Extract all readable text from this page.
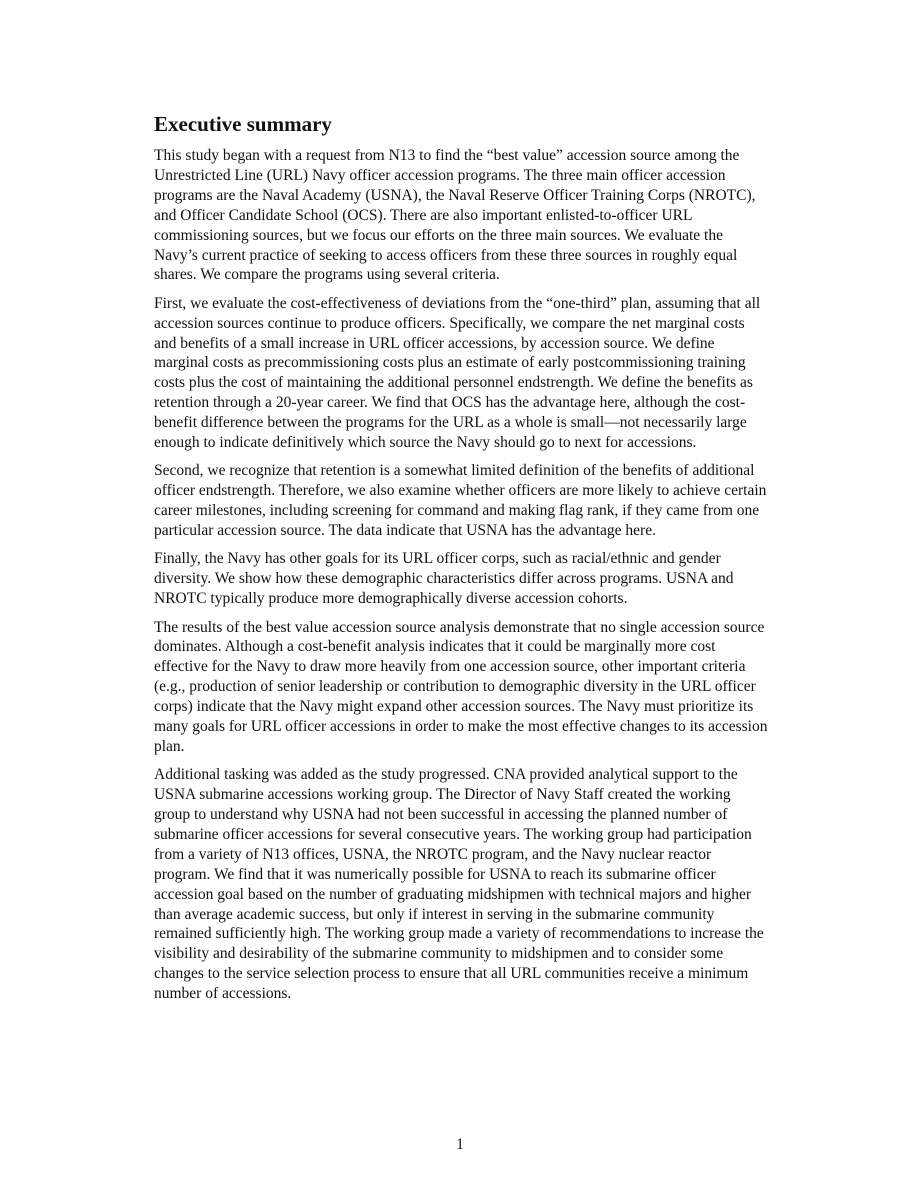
Executive summary

This study began with a request from N13 to find the “best value” accession source among the Unrestricted Line (URL) Navy officer accession programs. The three main officer accession programs are the Naval Academy (USNA), the Naval Reserve Officer Training Corps (NROTC), and Officer Candidate School (OCS). There are also important enlisted-to-officer URL commissioning sources, but we focus our efforts on the three main sources. We evaluate the Navy’s current practice of seeking to access officers from these three sources in roughly equal shares. We compare the programs using several criteria.

First, we evaluate the cost-effectiveness of deviations from the “one-third” plan, assuming that all accession sources continue to produce officers. Specifically, we compare the net marginal costs and benefits of a small increase in URL officer accessions, by accession source. We define marginal costs as precommissioning costs plus an estimate of early postcommissioning training costs plus the cost of maintaining the additional personnel endstrength. We define the benefits as retention through a 20-year career. We find that OCS has the advantage here, although the cost-benefit difference between the programs for the URL as a whole is small—not necessarily large enough to indicate definitively which source the Navy should go to next for accessions.

Second, we recognize that retention is a somewhat limited definition of the benefits of additional officer endstrength. Therefore, we also examine whether officers are more likely to achieve certain career milestones, including screening for command and making flag rank, if they came from one particular accession source. The data indicate that USNA has the advantage here.

Finally, the Navy has other goals for its URL officer corps, such as racial/ethnic and gender diversity. We show how these demographic characteristics differ across programs. USNA and NROTC typically produce more demographically diverse accession cohorts.

The results of the best value accession source analysis demonstrate that no single accession source dominates. Although a cost-benefit analysis indicates that it could be marginally more cost effective for the Navy to draw more heavily from one accession source, other important criteria (e.g., production of senior leadership or contribution to demographic diversity in the URL officer corps) indicate that the Navy might expand other accession sources. The Navy must prioritize its many goals for URL officer accessions in order to make the most effective changes to its accession plan.

Additional tasking was added as the study progressed. CNA provided analytical support to the USNA submarine accessions working group. The Director of Navy Staff created the working group to understand why USNA had not been successful in accessing the planned number of submarine officer accessions for several consecutive years. The working group had participation from a variety of N13 offices, USNA, the NROTC program, and the Navy nuclear reactor program. We find that it was numerically possible for USNA to reach its submarine officer accession goal based on the number of graduating midshipmen with technical majors and higher than average academic success, but only if interest in serving in the submarine community remained sufficiently high. The working group made a variety of recommendations to increase the visibility and desirability of the submarine community to midshipmen and to consider some changes to the service selection process to ensure that all URL communities receive a minimum number of accessions.

1
